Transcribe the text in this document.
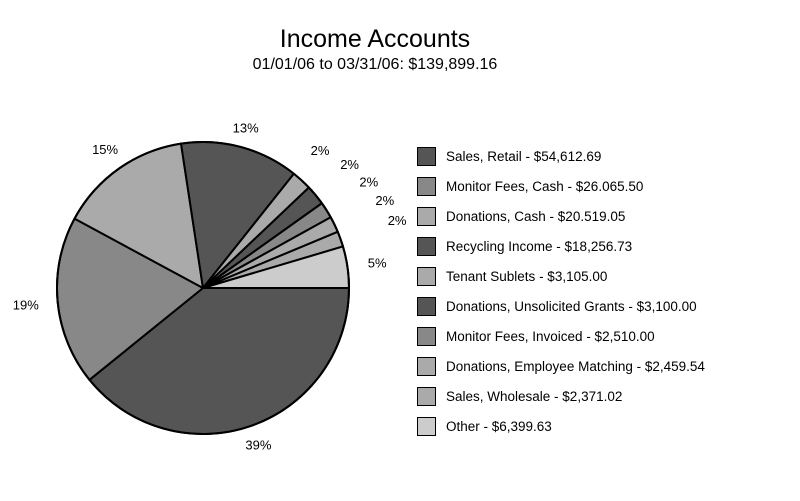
Income Accounts
01/01/06 to 03/31/06: $139,899.16
39%
19%
15%
13%
2%
2%
2%
2%
2%
5%
Sales, Retail - $54,612.69
Monitor Fees, Cash - $26.065.50
Donations, Cash - $20.519.05
Recycling Income - $18,256.73
Tenant Sublets - $3,105.00
Donations, Unsolicited Grants - $3,100.00
Monitor Fees, Invoiced - $2,510.00
Donations, Employee Matching - $2,459.54
Sales, Wholesale - $2,371.02
Other - $6,399.63
